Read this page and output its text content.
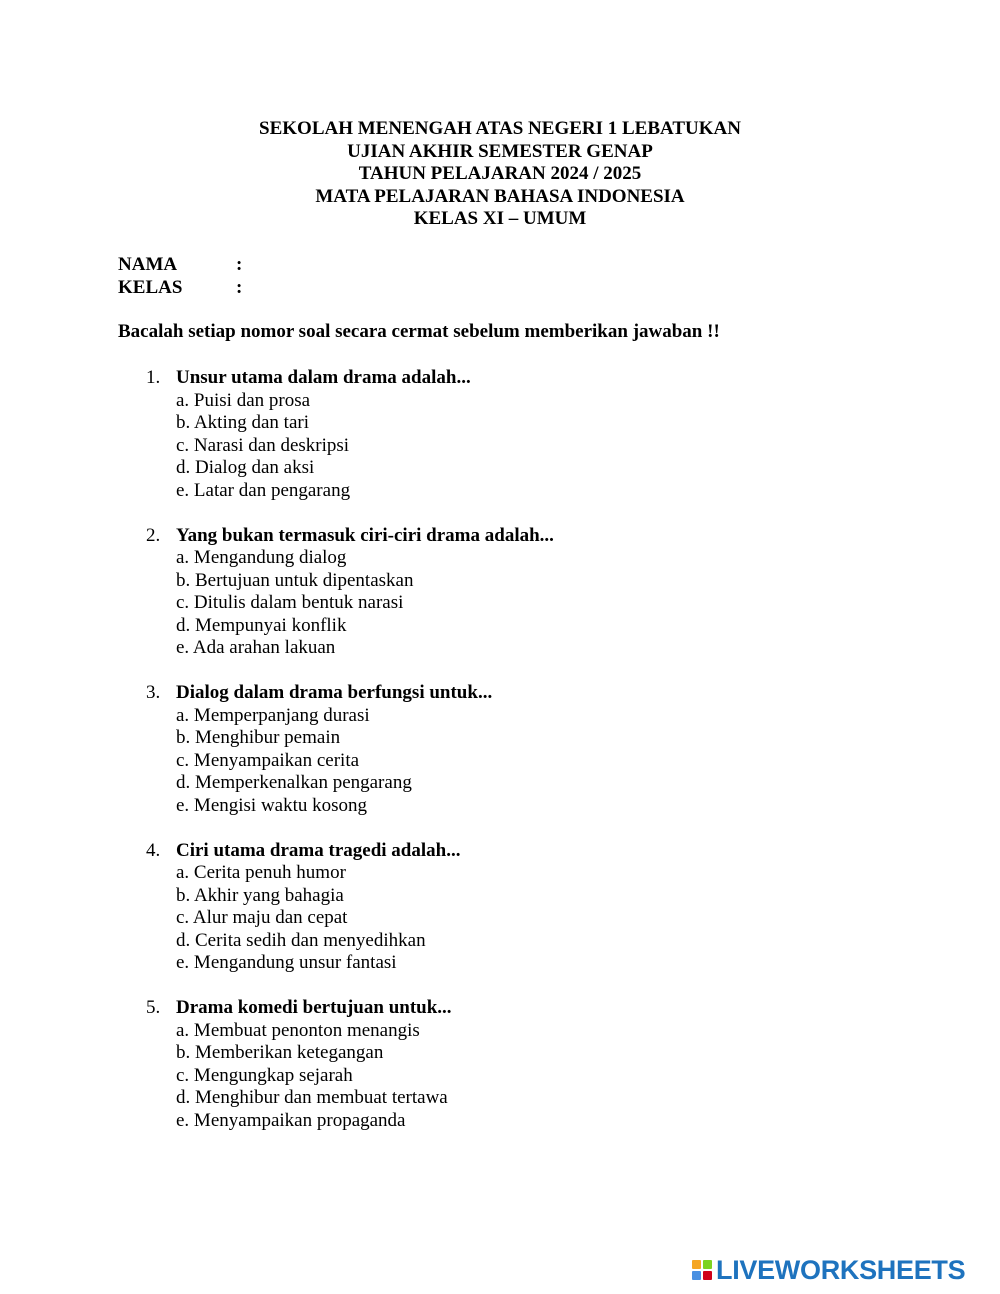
SEKOLAH MENENGAH ATAS NEGERI 1 LEBATUKAN
UJIAN AKHIR SEMESTER GENAP
TAHUN PELAJARAN 2024 / 2025
MATA PELAJARAN BAHASA INDONESIA
KELAS XI – UMUM
NAMA	:
KELAS	:
Bacalah setiap nomor soal secara cermat sebelum memberikan jawaban !!
1. Unsur utama dalam drama adalah...
a. Puisi dan prosa
b. Akting dan tari
c. Narasi dan deskripsi
d. Dialog dan aksi
e. Latar dan pengarang
2. Yang bukan termasuk ciri-ciri drama adalah...
a. Mengandung dialog
b. Bertujuan untuk dipentaskan
c. Ditulis dalam bentuk narasi
d. Mempunyai konflik
e. Ada arahan lakuan
3. Dialog dalam drama berfungsi untuk...
a. Memperpanjang durasi
b. Menghibur pemain
c. Menyampaikan cerita
d. Memperkenalkan pengarang
e. Mengisi waktu kosong
4. Ciri utama drama tragedi adalah...
a. Cerita penuh humor
b. Akhir yang bahagia
c. Alur maju dan cepat
d. Cerita sedih dan menyedihkan
e. Mengandung unsur fantasi
5. Drama komedi bertujuan untuk...
a. Membuat penonton menangis
b. Memberikan ketegangan
c. Mengungkap sejarah
d. Menghibur dan membuat tertawa
e. Menyampaikan propaganda
LIVEWORKSHEETS
